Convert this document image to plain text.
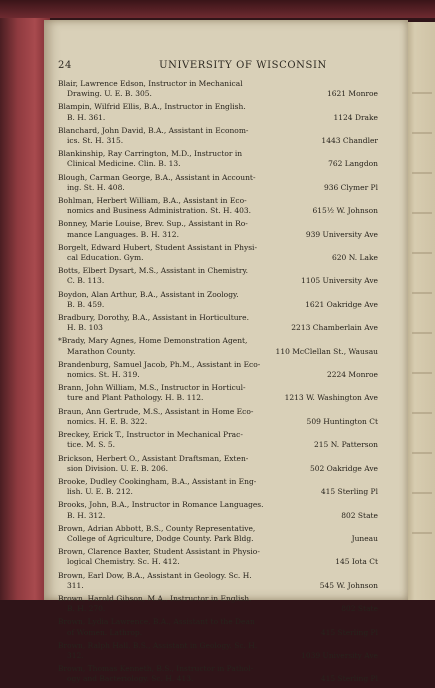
24	UNIVERSITY OF WISCONSIN
Blair, Lawrence Edson, Instructor in Mechanical
Drawing. U. E. B. 305.	1621 Monroe
Blampin, Wilfrid Ellis, B.A., Instructor in English.
B. H. 361.	1124 Drake
Blanchard, John David, B.A., Assistant in Econom-
ics. St. H. 315.	1443 Chandler
Blankinship, Ray Carrington, M.D., Instructor in
Clinical Medicine. Clin. B. 13.	762 Langdon
Blough, Carman George, B.A., Assistant in Account-
ing. St. H. 408.	936 Clymer Pl
Bohlman, Herbert William, B.A., Assistant in Eco-
nomics and Business Administration. St. H. 403.	615½ W. Johnson
Bonney, Marie Louise, Brev. Sup., Assistant in Ro-
mance Languages. B. H. 312.	939 University Ave
Borgelt, Edward Hubert, Student Assistant in Physi-
cal Education. Gym.	620 N. Lake
Botts, Elbert Dysart, M.S., Assistant in Chemistry.
C. B. 113.	1105 University Ave
Boydon, Alan Arthur, B.A., Assistant in Zoology.
B. B. 459.	1621 Oakridge Ave
Bradbury, Dorothy, B.A., Assistant in Horticulture.
H. B. 103	2213 Chamberlain Ave
*Brady, Mary Agnes, Home Demonstration Agent,
Marathon County.	110 McClellan St., Wausau
Brandenburg, Samuel Jacob, Ph.M., Assistant in Eco-
nomics. St. H. 319.	2224 Monroe
Brann, John William, M.S., Instructor in Horticul-
ture and Plant Pathology. H. B. 112.	1213 W. Washington Ave
Braun, Ann Gertrude, M.S., Assistant in Home Eco-
nomics. H. E. B. 322.	509 Huntington Ct
Breckey, Erick T., Instructor in Mechanical Prac-
tice. M. S. 5.	215 N. Patterson
Brickson, Herbert O., Assistant Draftsman, Exten-
sion Division. U. E. B. 206.	502 Oakridge Ave
Brooke, Dudley Cookingham, B.A., Assistant in Eng-
lish. U. E. B. 212.	415 Sterling Pl
Brooks, John, B.A., Instructor in Romance Languages.
B. H. 312.	802 State
Brown, Adrian Abbott, B.S., County Representative,
College of Agriculture, Dodge County. Park Bldg.	Juneau
Brown, Clarence Baxter, Student Assistant in Physio-
logical Chemistry. Sc. H. 412.	145 Iota Ct
Brown, Earl Dow, B.A., Assistant in Geology. Sc. H.
311.	545 W. Johnson
Brown, Harold Gibson, M.A., Instructor in English.
B. H. 270.	802 State
Brown, Lydia Lawrence, B.A., Assistant to the Dean
of Women. Lathrop.	415 Sterling Pl
Brown, Ralph Hall, B.S., Assistant in Geology. Sc. H.
312.	1039 University Ave
Brown, Thomas Kenneth, B.S., Instructor in Pathol-
ogy and Bacteriology. Sc. H. 413.	415 Sterling Pl
